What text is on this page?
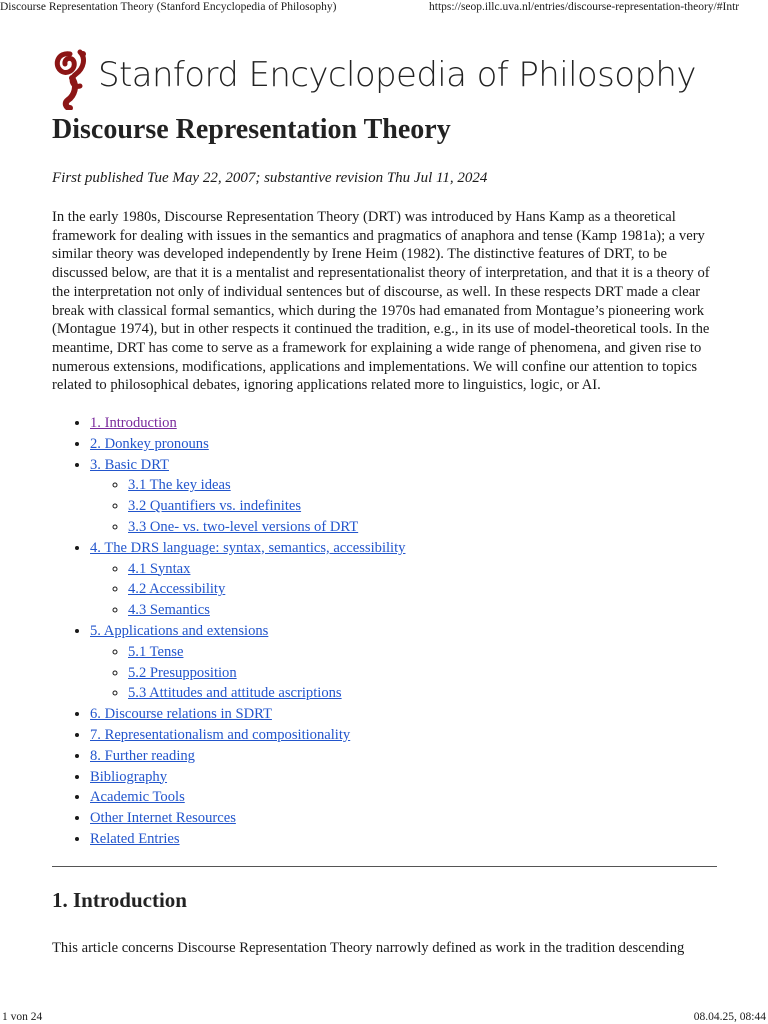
Discourse Representation Theory (Stanford Encyclopedia of Philosophy)	https://seop.illc.uva.nl/entries/discourse-representation-theory/#Intr
Stanford Encyclopedia of Philosophy
Discourse Representation Theory
First published Tue May 22, 2007; substantive revision Thu Jul 11, 2024
In the early 1980s, Discourse Representation Theory (DRT) was introduced by Hans Kamp as a theoretical framework for dealing with issues in the semantics and pragmatics of anaphora and tense (Kamp 1981a); a very similar theory was developed independently by Irene Heim (1982). The distinctive features of DRT, to be discussed below, are that it is a mentalist and representationalist theory of interpretation, and that it is a theory of the interpretation not only of individual sentences but of discourse, as well. In these respects DRT made a clear break with classical formal semantics, which during the 1970s had emanated from Montague’s pioneering work (Montague 1974), but in other respects it continued the tradition, e.g., in its use of model-theoretical tools. In the meantime, DRT has come to serve as a framework for explaining a wide range of phenomena, and given rise to numerous extensions, modifications, applications and implementations. We will confine our attention to topics related to philosophical debates, ignoring applications related more to linguistics, logic, or AI.
• 1. Introduction
• 2. Donkey pronouns
• 3. Basic DRT
◦ 3.1 The key ideas
◦ 3.2 Quantifiers vs. indefinites
◦ 3.3 One- vs. two-level versions of DRT
• 4. The DRS language: syntax, semantics, accessibility
◦ 4.1 Syntax
◦ 4.2 Accessibility
◦ 4.3 Semantics
• 5. Applications and extensions
◦ 5.1 Tense
◦ 5.2 Presupposition
◦ 5.3 Attitudes and attitude ascriptions
• 6. Discourse relations in SDRT
• 7. Representationalism and compositionality
• 8. Further reading
• Bibliography
• Academic Tools
• Other Internet Resources
• Related Entries
1. Introduction
This article concerns Discourse Representation Theory narrowly defined as work in the tradition descending
1 von 24	08.04.25, 08:44
